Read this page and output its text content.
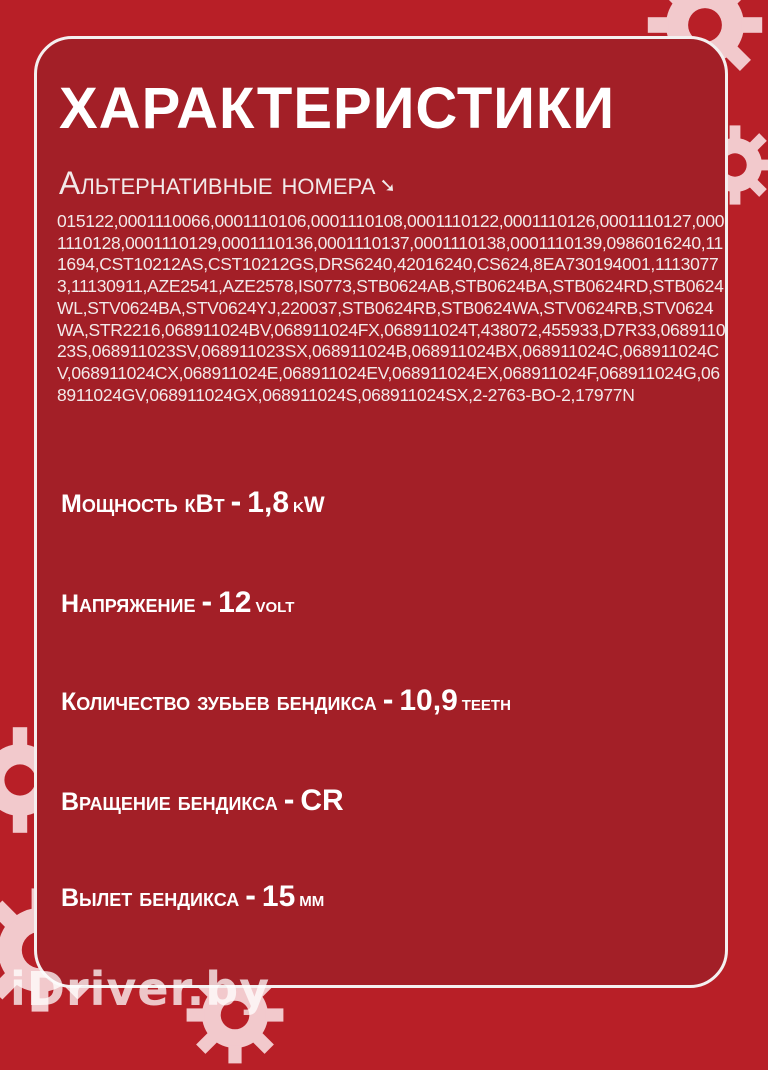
ХАРАКТЕРИСТИКИ
Альтернативные номера ➘
015122,0001110066,0001110106,0001110108,0001110122,0001110126,0001110127,0001110128,0001110129,0001110136,0001110137,0001110138,0001110139,0986016240,111694,CST10212AS,CST10212GS,DRS6240,42016240,CS624,8EA730194001,11130773,11130911,AZE2541,AZE2578,IS0773,STB0624AB,STB0624BA,STB0624RD,STB0624WL,STV0624BA,STV0624YJ,220037,STB0624RB,STB0624WA,STV0624RB,STV0624WA,STR2216,068911024BV,068911024FX,068911024T,438072,455933,D7R33,068911023S,068911023SV,068911023SX,068911024B,068911024BX,068911024C,068911024CV,068911024CX,068911024E,068911024EV,068911024EX,068911024F,068911024G,068911024GV,068911024GX,068911024S,068911024SX,2-2763-BO-2,17977N
Мощность кВт - 1,8 kW
Напряжение - 12 volt
Количество зубьев бендикса - 10,9 teeth
Вращение бендикса - CR
Вылет бендикса - 15 мм
iDriver.by
